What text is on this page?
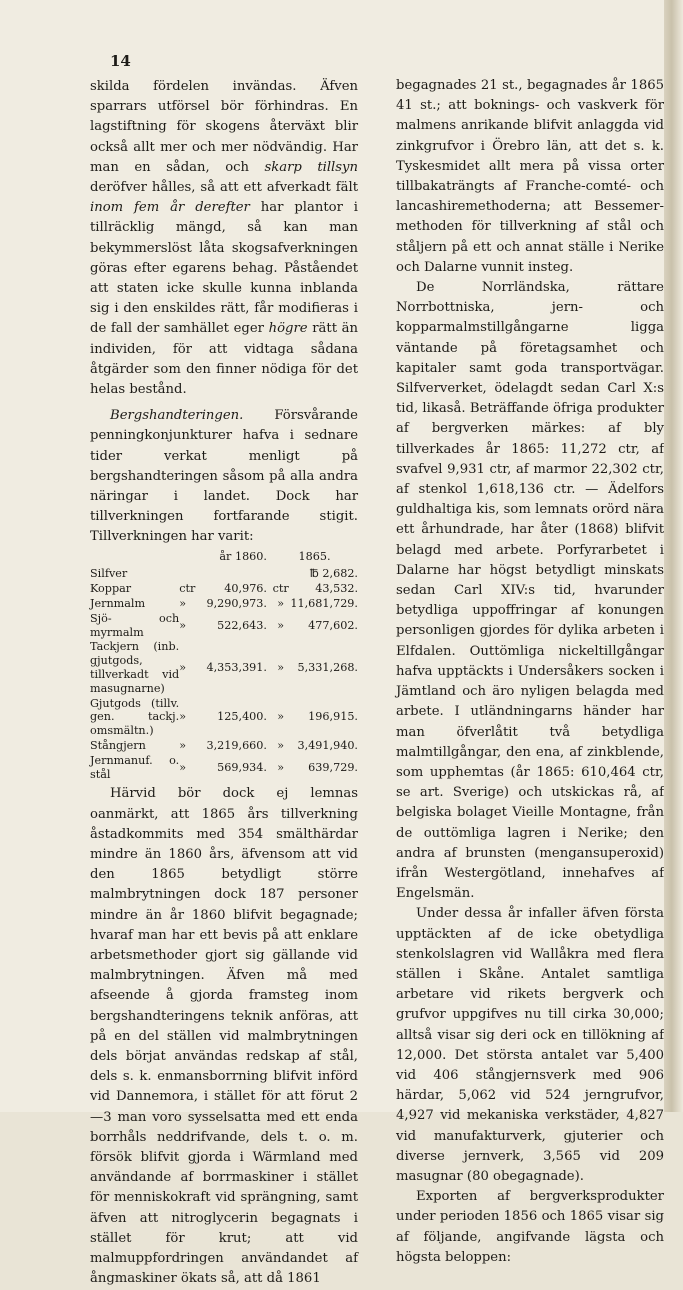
14

skilda fördelen invändas. Äfven sparrars utförsel bör förhindras. En lagstiftning för skogens återväxt blir också allt mer och mer nödvändig. Har man en sådan, och skarp tillsyn deröfver hålles, så att ett afverkadt fält inom fem år derefter har plantor i tillräcklig mängd, så kan man bekymmerslöst låta skogsafverkningen göras efter egarens behag. Påståendet att staten icke skulle kunna inblanda sig i den enskildes rätt, får modifieras i de fall der samhället eger högre rätt än individen, för att vidtaga sådana åtgärder som den finner nödiga för det helas bestånd.

Bergshandteringen. Försvårande penningkonjunkturer hafva i sednare tider verkat menligt på bergshandteringen såsom på alla andra näringar i landet. Dock har tillverkningen fortfarande stigit. Tillverkningen har varit:

	år 1860.		1865.	
Silfver				℔ 2,682.
Koppar	ctr	40,976.	ctr	43,532.
Jernmalm	»	9,290,973.	»	11,681,729.
Sjö- och myrmalm	»	522,643.	»	477,602.
Tackjern (inb. gjutgods, tillverkadt vid masugnarne)	»	4,353,391.	»	5,331,268.
Gjutgods (tillv. gen. tackj. omsmältn.)	»	125,400.	»	196,915.
Stångjern	»	3,219,660.	»	3,491,940.
Jernmanuf. o. stål	»	569,934.	»	639,729.

Härvid bör dock ej lemnas oanmärkt, att 1865 års tillverkning åstadkommits med 354 smälthärdar mindre än 1860 års, äfvensom att vid den 1865 betydligt större malmbrytningen dock 187 personer mindre än år 1860 blifvit begagnade; hvaraf man har ett bevis på att enklare arbetsmethoder gjort sig gällande vid malmbrytningen. Äfven må med afseende å gjorda framsteg inom bergshandteringens teknik anföras, att på en del ställen vid malmbrytningen dels börjat användas redskap af stål, dels s. k. enmansborrning blifvit införd vid Dannemora, i stället för att förut 2—3 man voro sysselsatta med ett enda borrhåls neddrifvande, dels t. o. m. försök blifvit gjorda i Wärmland med användande af borrmaskiner i stället för menniskokraft vid sprängning, samt äfven att nitroglycerin begagnats i stället för krut; att vid malmuppfordringen användandet af ångmaskiner ökats så, att då 1861

begagnades 21 st., begagnades år 1865 41 st.; att boknings- och vaskverk för malmens anrikande blifvit anlaggda vid zinkgrufvor i Örebro län, att det s. k. Tyskesmidet allt mera på vissa orter tillbakaträngts af Franche-comté- och lancashiremethoderna; att Bessemer-methoden för tillverkning af stål och ståljern på ett och annat ställe i Nerike och Dalarne vunnit insteg.

De Norrländska, rättare Norrbottniska, jern- och kopparmalmstillgångarne ligga väntande på företagsamhet och kapitaler samt goda transportvägar. Silfververket, ödelagdt sedan Carl X:s tid, likaså. Beträffande öfriga produkter af bergverken märkes: af bly tillverkades år 1865: 11,272 ctr, af svafvel 9,931 ctr, af marmor 22,302 ctr, af stenkol 1,618,136 ctr. — Ädelfors guldhaltiga kis, som lemnats orörd nära ett århundrade, har åter (1868) blifvit belagd med arbete. Porfyrarbetet i Dalarne har högst betydligt minskats sedan Carl XIV:s tid, hvarunder betydliga uppoffringar af konungen personligen gjordes för dylika arbeten i Elfdalen. Outtömliga nickeltillgångar hafva upptäckts i Undersåkers socken i Jämtland och äro nyligen belagda med arbete. I utländningarns händer har man öfverlåtit två betydliga malmtillgångar, den ena, af zinkblende, som upphemtas (år 1865: 610,464 ctr, se art. Sverige) och utskickas rå, af belgiska bolaget Vieille Montagne, från de outtömliga lagren i Nerike; den andra af brunsten (mengansuperoxid) ifrån Westergötland, innehafves af Engelsmän.

Under dessa år infaller äfven första upptäckten af de icke obetydliga stenkolslagren vid Wallåkra med flera ställen i Skåne. Antalet samtliga arbetare vid rikets bergverk och grufvor uppgifves nu till cirka 30,000; alltså visar sig deri ock en tillökning af 12,000. Det största antalet var 5,400 vid 406 stångjernsverk med 906 härdar, 5,062 vid 524 jerngrufvor, 4,927 vid mekaniska verkstäder, 4,827 vid manufakturverk, gjuterier och diverse jernverk, 3,565 vid 209 masugnar (80 obegagnade).

Exporten af bergverksprodukter under perioden 1856 och 1865 visar sig af följande, angifvande lägsta och högsta beloppen:
